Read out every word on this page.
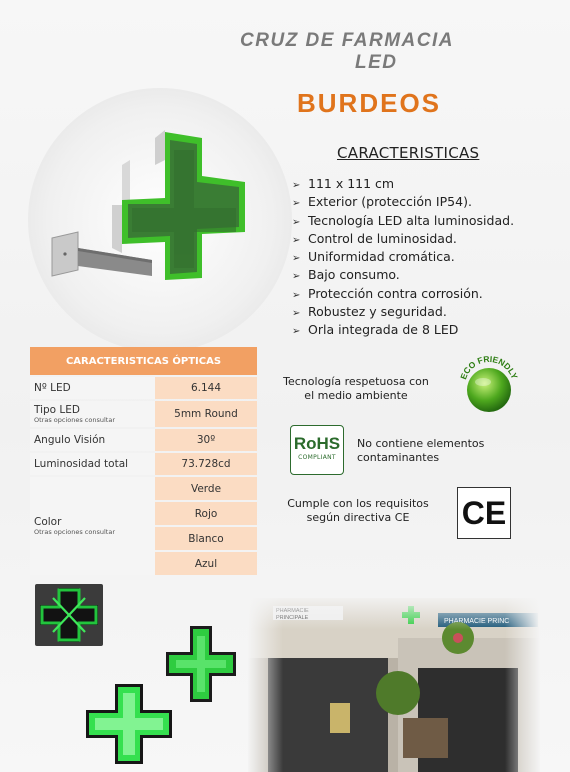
CRUZ DE FARMACIA
LED
BURDEOS
CARACTERISTICAS
➢ 111 x 111 cm
➢ Exterior (protección IP54).
➢ Tecnología LED alta luminosidad.
➢ Control de luminosidad.
➢ Uniformidad cromática.
➢ Bajo consumo.
➢ Protección contra corrosión.
➢ Robustez y seguridad.
➢ Orla integrada de 8 LED
CARACTERISTICAS ÓPTICAS	
Nº LED	6.144
Tipo LED
Otras opciones consultar	5mm Round
Angulo Visión	30º
Luminosidad total	73.728cd
Color
Otras opciones consultar	Verde
	Rojo
	Blanco
	Azul
Tecnología respetuosa con el medio ambiente
ECO FRIENDLY
RoHS
COMPLIANT
No contiene elementos contaminantes
Cumple con los requisitos según directiva CE	CE
